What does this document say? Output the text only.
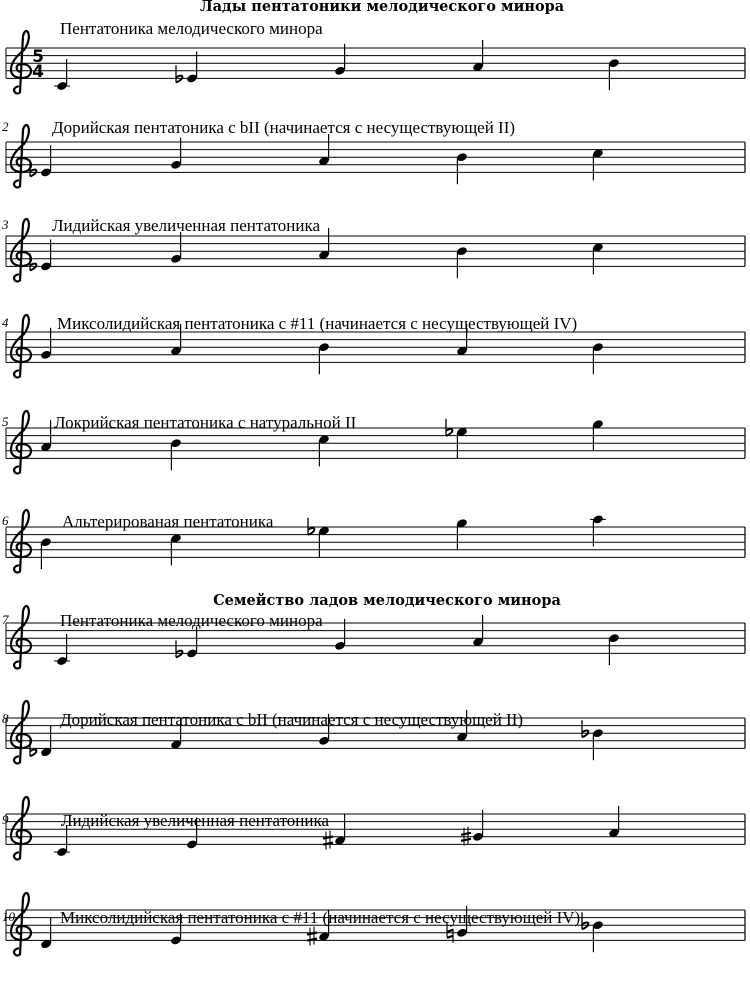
Лады пентатоники мелодического минора
Семейство ладов мелодического минора
Пентатоника мелодического минора
5
4
2	Дорийская пентатоника с bII (начинается с несуществующей II)
3	Лидийская увеличенная пентатоника
4	Миксолидийская пентатоника с #11 (начинается с несуществующей IV)
5	Локрийская пентатоника с натуральной II
6	Альтерированая пентатоника
7	Пентатоника мелодического минора
8	Дорийская пентатоника с bII (начинается с несуществующей II)
9	Лидийская увеличенная пентатоника
10	Миксолидийская пентатоника с #11 (начинается с несуществующей IV)
